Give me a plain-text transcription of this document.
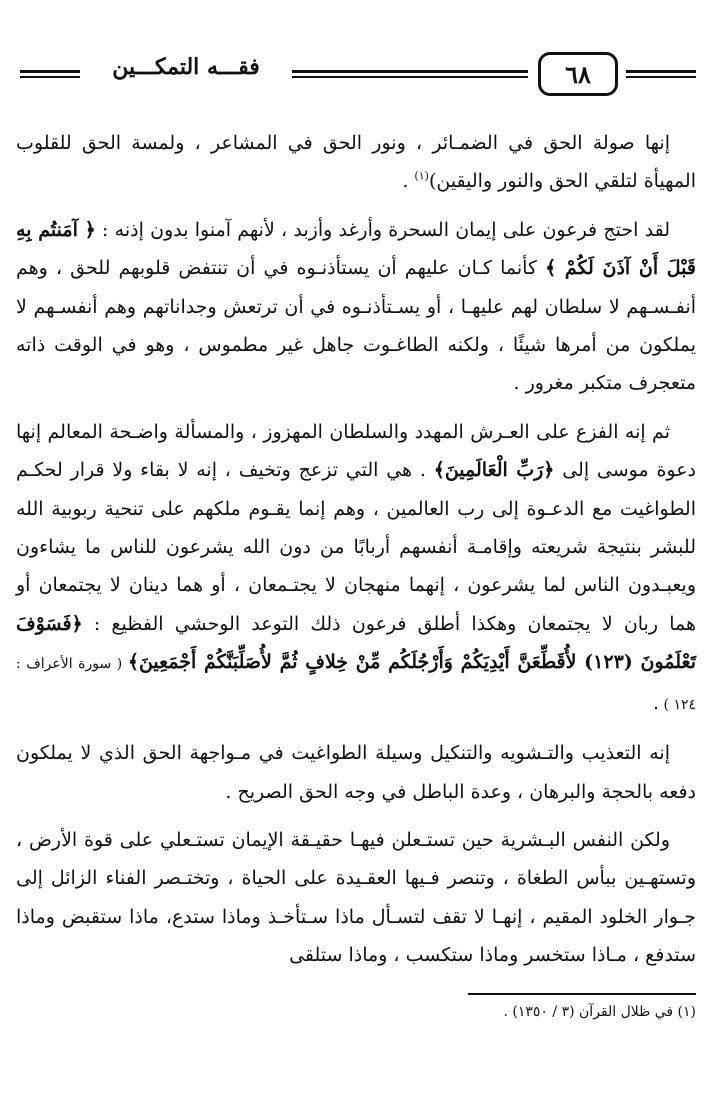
فقـــه التمكـــين	٦٨

إنها صولة الحق في الضمـائر ، ونور الحق في المشاعر ، ولمسة الحق للقلوب المهيأة لتلقي الحق والنور واليقين)$^{(١)}$ .

لقد احتج فرعون على إيمان السحرة وأرغد وأزبد ، لأنهم آمنوا بدون إذنه : ﴿ آمَنتُم بِهِ قَبْلَ أَنْ آذَنَ لَكُمْ ﴾ كأنما كـان عليهم أن يستأذنـوه في أن تنتفض قلوبهم للحق ، وهم أنفـسـهم لا سلطان لهم عليهـا ، أو يسـتأذنـوه في أن ترتعش وجداناتهم وهم أنفسـهم لا يملكون من أمرها شيئًا ، ولكنه الطاغـوت جاهل غير مطموس ، وهو في الوقت ذاته متعجرف متكبر مغرور .

ثم إنه الفزع على العـرش المهدد والسلطان المهزوز ، والمسألة واضـحة المعالم إنها دعوة موسى إلى ﴿رَبِّ الْعَالَمِينَ﴾ . هي التي تزعج وتخيف ، إنه لا بقاء ولا قرار لحكـم الطواغيت مع الدعـوة إلى رب العالمين ، وهم إنما يقـوم ملكهم على تنحية ربوبية الله للبشر بنتيجة شريعته وإقامـة أنفسهم أربابًا من دون الله يشرعون للناس ما يشاءون ويعبـدون الناس لما يشرعون ، إنهما منهجان لا يجتـمعان ، أو هما دينان لا يجتمعان أو هما ربان لا يجتمعان وهكذا أطلق فرعون ذلك التوعد الوحشي الفظيع : ﴿فَسَوْفَ تَعْلَمُونَ (١٢٣) لأُقَطِّعَنَّ أَيْدِيَكُمْ وَأَرْجُلَكُم مِّنْ خِلافٍ ثُمَّ لأُصَلِّبَنَّكُمْ أَجْمَعِينَ﴾ ( سورة الأعراف : ١٢٤ ) .

إنه التعذيب والتـشويه والتنكيل وسيلة الطواغيت في مـواجهة الحق الذي لا يملكون دفعه بالحجة والبرهان ، وعدة الباطل في وجه الحق الصريح .

ولكن النفس البـشرية حين تستـعلن فيهـا حقيـقة الإيمان تستـعلي على قوة الأرض ، وتستهـين ببأس الطغاة ، وتنصر فـيها العقـيدة على الحياة ، وتختـصر الفناء الزائل إلى جـوار الخلود المقيم ، إنهـا لا تقف لتسـأل ماذا سـتأخـذ وماذا ستدع، ماذا ستقبض وماذا ستدفع ، مـاذا ستخسر وماذا ستكسب ، وماذا ستلقى

(١) في ظلال القرآن (٣ / ١٣٥٠) .
